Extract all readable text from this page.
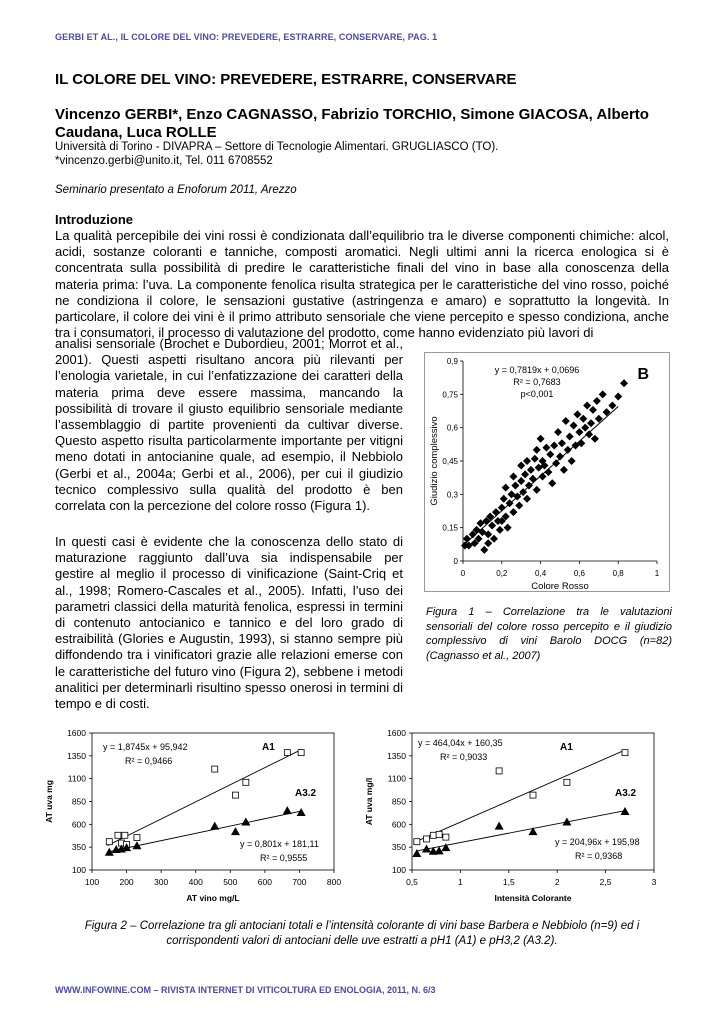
GERBI ET AL., IL COLORE DEL VINO: PREVEDERE, ESTRARRE, CONSERVARE, PAG. 1
IL COLORE DEL VINO: PREVEDERE, ESTRARRE, CONSERVARE
Vincenzo GERBI*, Enzo CAGNASSO, Fabrizio TORCHIO, Simone GIACOSA, Alberto Caudana, Luca ROLLE
Università di Torino - DIVAPRA – Settore di Tecnologie Alimentari. GRUGLIASCO (TO).
*vincenzo.gerbi@unito.it, Tel. 011 6708552
Seminario presentato a Enoforum 2011, Arezzo
Introduzione
La qualità percepibile dei vini rossi è condizionata dall’equilibrio tra le diverse componenti chimiche: alcol, acidi, sostanze coloranti e tanniche, composti aromatici. Negli ultimi anni la ricerca enologica si è concentrata sulla possibilità di predire le caratteristiche finali del vino in base alla conoscenza della materia prima: l’uva. La componente fenolica risulta strategica per le caratteristiche del vino rosso, poiché ne condiziona il colore, le sensazioni gustative (astringenza e amaro) e soprattutto la longevità. In particolare, il colore dei vini è il primo attributo sensoriale che viene percepito e spesso condiziona, anche tra i consumatori, il processo di valutazione del prodotto, come hanno evidenziato più lavori di
analisi sensoriale (Brochet e Dubordieu, 2001; Morrot et al., 2001). Questi aspetti risultano ancora più rilevanti per l’enologia varietale, in cui l’enfatizzazione dei caratteri della materia prima deve essere massima, mancando la possibilità di trovare il giusto equilibrio sensoriale mediante l’assemblaggio di partite provenienti da cultivar diverse. Questo aspetto risulta particolarmente importante per vitigni meno dotati in antocianine quale, ad esempio, il Nebbiolo (Gerbi et al., 2004a; Gerbi et al., 2006), per cui il giudizio tecnico complessivo sulla qualità del prodotto è ben correlata con la percezione del colore rosso (Figura 1).
In questi casi è evidente che la conoscenza dello stato di maturazione raggiunto dall’uva sia indispensabile per gestire al meglio il processo di vinificazione (Saint-Criq et al., 1998; Romero-Cascales et al., 2005). Infatti, l’uso dei parametri classici della maturità fenolica, espressi in termini di contenuto antocianico e tannico e del loro grado di estraibilità (Glories e Augustin, 1993), si stanno sempre più diffondendo tra i vinificatori grazie alle relazioni emerse con le caratteristiche del futuro vino (Figura 2), sebbene i metodi analitici per determinarli risultino spesso onerosi in termini di tempo e di costi.
0	0,2	0,4	0,6	0,8	1
0
0,15
0,3
0,45
0,6
0,75
0,9
Colore Rosso
Giudizio complessivo
y = 0,7819x + 0,0696
R² = 0,7683
p<0,001
B
Figura 1 – Correlazione tra le valutazioni sensoriali del colore rosso percepito e il giudizio complessivo di vini Barolo DOCG (n=82) (Cagnasso et al., 2007)
100 200 300 400 500 600 700 800
100
350
600
850
1100
1350
1600
AT vino mg/L
AT uva mg
y = 1,8745x + 95,942
R² = 0,9466
A1
A3.2
y = 0,801x + 181,11
R² = 0,9555
0,5	1	1,5	2	2,5	3
100
350
600
850
1100
1350
1600
Intensità Colorante
AT uva mg/l
y = 464,04x + 160,35
R² = 0,9033
A1
A3.2
y = 204,96x + 195,98
R² = 0,9368
Figura 2 – Correlazione tra gli antociani totali e l’intensità colorante di vini base Barbera e Nebbiolo (n=9) ed i corrispondenti valori di antociani delle uve estratti a pH1 (A1) e pH3,2 (A3.2).
WWW.INFOWINE.COM – RIVISTA INTERNET DI VITICOLTURA ED ENOLOGIA, 2011, N. 6/3
